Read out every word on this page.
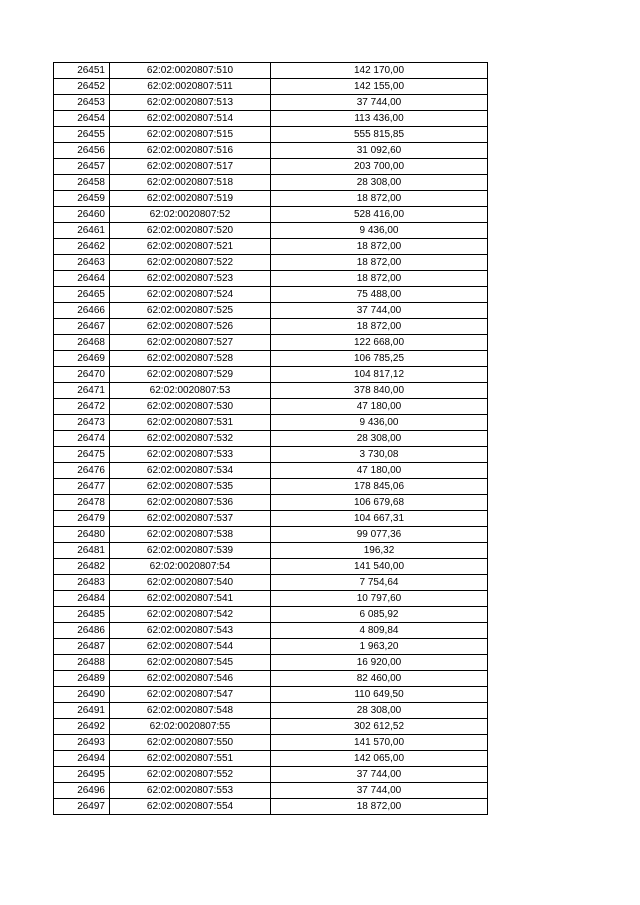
26451	62:02:0020807:510	142 170,00
26452	62:02:0020807:511	142 155,00
26453	62:02:0020807:513	37 744,00
26454	62:02:0020807:514	113 436,00
26455	62:02:0020807:515	555 815,85
26456	62:02:0020807:516	31 092,60
26457	62:02:0020807:517	203 700,00
26458	62:02:0020807:518	28 308,00
26459	62:02:0020807:519	18 872,00
26460	62:02:0020807:52	528 416,00
26461	62:02:0020807:520	9 436,00
26462	62:02:0020807:521	18 872,00
26463	62:02:0020807:522	18 872,00
26464	62:02:0020807:523	18 872,00
26465	62:02:0020807:524	75 488,00
26466	62:02:0020807:525	37 744,00
26467	62:02:0020807:526	18 872,00
26468	62:02:0020807:527	122 668,00
26469	62:02:0020807:528	106 785,25
26470	62:02:0020807:529	104 817,12
26471	62:02:0020807:53	378 840,00
26472	62:02:0020807:530	47 180,00
26473	62:02:0020807:531	9 436,00
26474	62:02:0020807:532	28 308,00
26475	62:02:0020807:533	3 730,08
26476	62:02:0020807:534	47 180,00
26477	62:02:0020807:535	178 845,06
26478	62:02:0020807:536	106 679,68
26479	62:02:0020807:537	104 667,31
26480	62:02:0020807:538	99 077,36
26481	62:02:0020807:539	196,32
26482	62:02:0020807:54	141 540,00
26483	62:02:0020807:540	7 754,64
26484	62:02:0020807:541	10 797,60
26485	62:02:0020807:542	6 085,92
26486	62:02:0020807:543	4 809,84
26487	62:02:0020807:544	1 963,20
26488	62:02:0020807:545	16 920,00
26489	62:02:0020807:546	82 460,00
26490	62:02:0020807:547	110 649,50
26491	62:02:0020807:548	28 308,00
26492	62:02:0020807:55	302 612,52
26493	62:02:0020807:550	141 570,00
26494	62:02:0020807:551	142 065,00
26495	62:02:0020807:552	37 744,00
26496	62:02:0020807:553	37 744,00
26497	62:02:0020807:554	18 872,00
